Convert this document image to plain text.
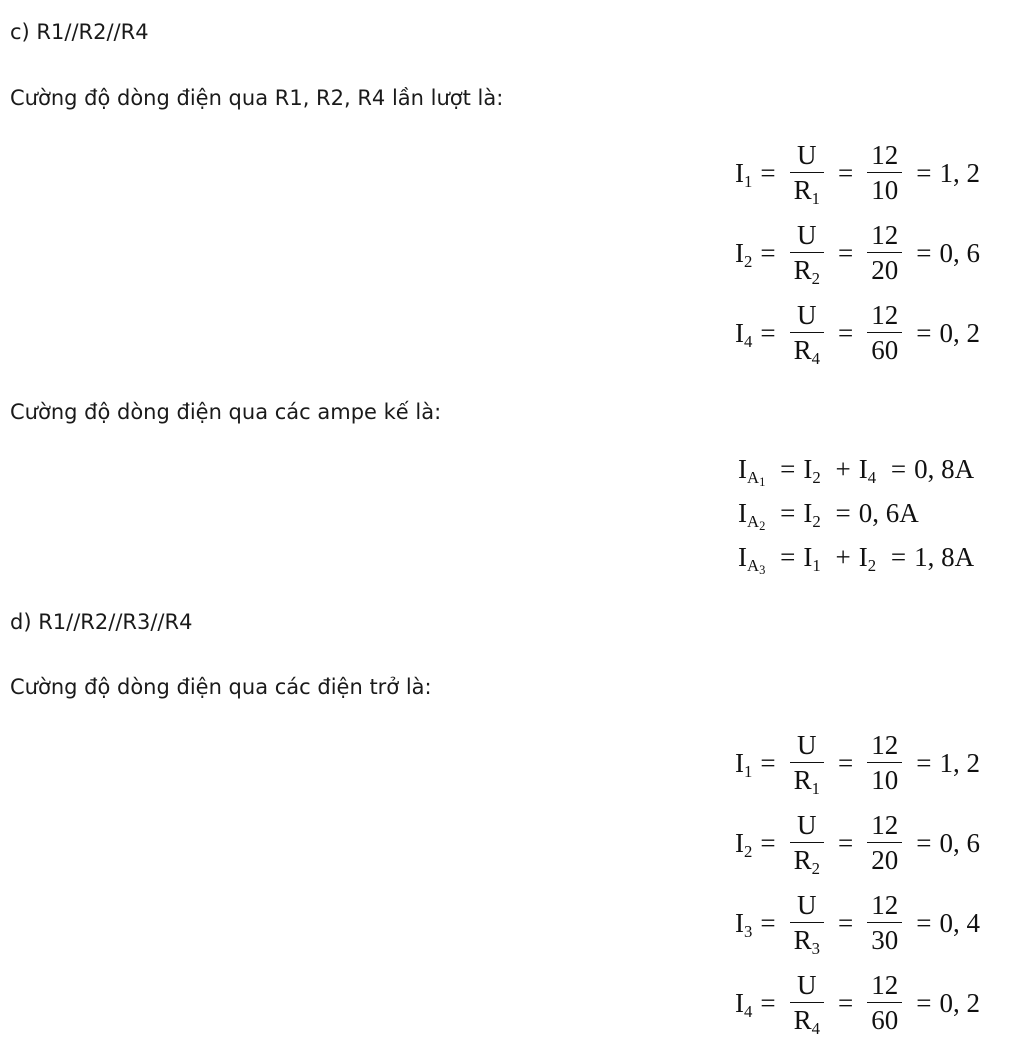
c) R1//R2//R4
Cường độ dòng điện qua R1, R2, R4 lần lượt là:
$I_1 = \frac{U}{R_1} = \frac{12}{10} = 1$, 2
$I_2 = \frac{U}{R_2} = \frac{12}{20} = 0$, 6
$I_4 = \frac{U}{R_4} = \frac{12}{60} = 0$, 2
Cường độ dòng điện qua các ampe kế là:
$I_{A_1} = I_2 + I_4 = 0$, 8A
$I_{A_2} = I_2 = 0$, 6A
$I_{A_3} = I_1 + I_2 = 1$, 8A
d) R1//R2//R3//R4
Cường độ dòng điện qua các điện trở là:
$I_1 = \frac{U}{R_1} = \frac{12}{10} = 1$, 2
$I_2 = \frac{U}{R_2} = \frac{12}{20} = 0$, 6
$I_3 = \frac{U}{R_3} = \frac{12}{30} = 0$, 4
$I_4 = \frac{U}{R_4} = \frac{12}{60} = 0$, 2
